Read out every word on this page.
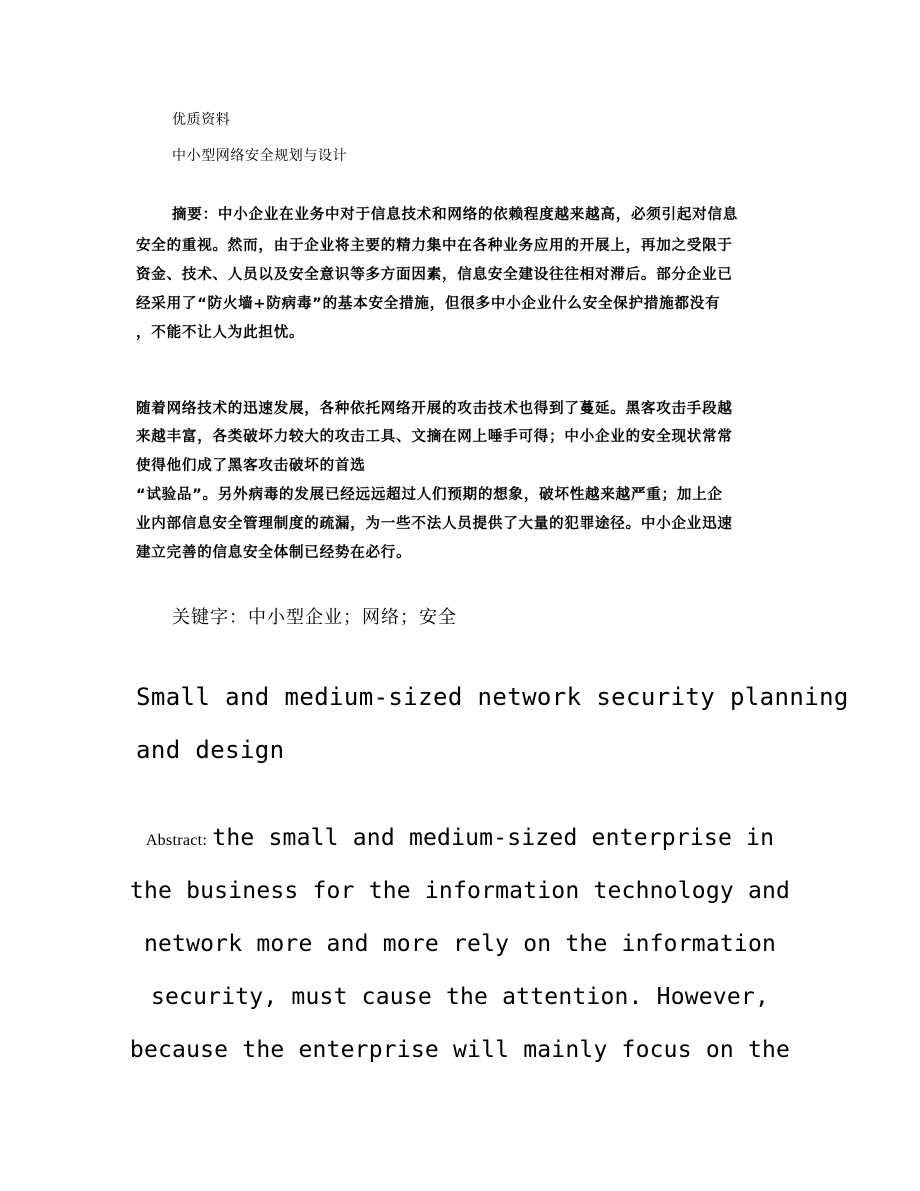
优质资料

中小型网络安全规划与设计

摘要：中小企业在业务中对于信息技术和网络的依赖程度越来越高，必须引起对信息

安全的重视。然而，由于企业将主要的精力集中在各种业务应用的开展上，再加之受限于

资金、技术、人员以及安全意识等多方面因素，信息安全建设往往相对滞后。部分企业已

经采用了“防火墙+防病毒”的基本安全措施，但很多中小企业什么安全保护措施都没有

，不能不让人为此担忧。

随着网络技术的迅速发展，各种依托网络开展的攻击技术也得到了蔓延。黑客攻击手段越

来越丰富，各类破坏力较大的攻击工具、文摘在网上唾手可得；中小企业的安全现状常常

使得他们成了黑客攻击破坏的首选

“试验品”。另外病毒的发展已经远远超过人们预期的想象，破坏性越来越严重；加上企

业内部信息安全管理制度的疏漏，为一些不法人员提供了大量的犯罪途径。中小企业迅速

建立完善的信息安全体制已经势在必行。

关键字：中小型企业；网络；安全

Small and medium-sized network security planning

and design

Abstract: the small and medium-sized enterprise in

the business for the information technology and

network more and more rely on the information

security, must cause the attention. However,

because the enterprise will mainly focus on the
